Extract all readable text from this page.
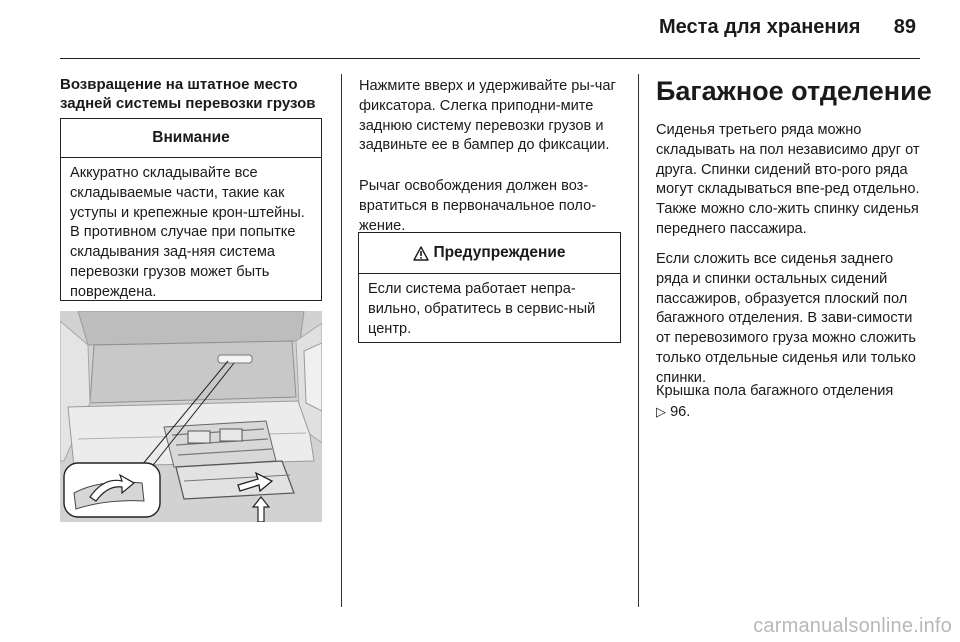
Места для хранения 89
Возвращение на штатное место задней системы перевозки грузов
Внимание
Аккуратно складывайте все складываемые части, такие как уступы и крепежные крон-штейны. В противном случае при попытке складывания зад-няя система перевозки грузов может быть повреждена.
Нажмите вверх и удерживайте ры-чаг фиксатора. Слегка приподни-мите заднюю систему перевозки грузов и задвиньте ее в бампер до фиксации.
Рычаг освобождения должен воз-вратиться в первоначальное поло-жение.
Предупреждение
Если система работает непра-вильно, обратитесь в сервис-ный центр.
Багажное отделение
Сиденья третьего ряда можно складывать на пол независимо друг от друга. Спинки сидений вто-рого ряда могут складываться впе-ред отдельно. Также можно сло-жить спинку сиденья переднего пассажира.
Если сложить все сиденья заднего ряда и спинки остальных сидений пассажиров, образуется плоский пол багажного отделения. В зави-симости от перевозимого груза можно сложить только отдельные сиденья или только спинки.
Крышка пола багажного отделения
▷ 96.
carmanualsonline.info
